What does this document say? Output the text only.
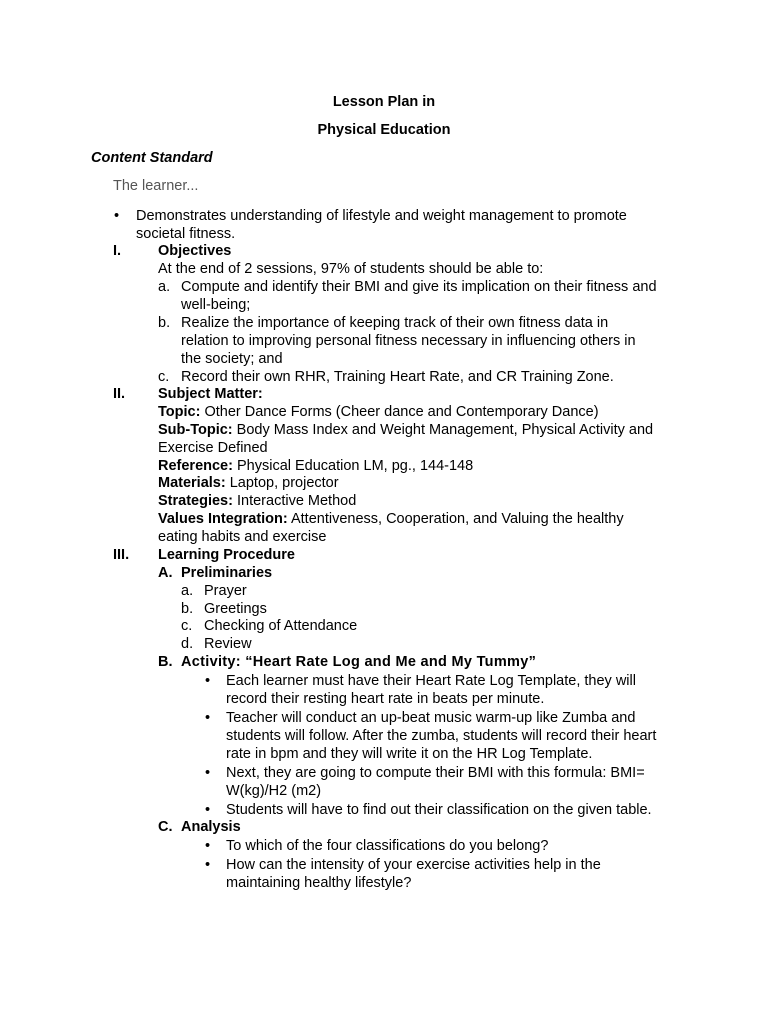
Lesson Plan in
Physical Education
Content Standard
The learner...
• Demonstrates understanding of lifestyle and weight management to promote
societal fitness.
I.	Objectives
At the end of 2 sessions, 97% of students should be able to:
a. Compute and identify their BMI and give its implication on their fitness and
well-being;
b. Realize the importance of keeping track of their own fitness data in
relation to improving personal fitness necessary in influencing others in
the society; and
c. Record their own RHR, Training Heart Rate, and CR Training Zone.
II. Subject Matter:
Topic: Other Dance Forms (Cheer dance and Contemporary Dance)
Sub-Topic: Body Mass Index and Weight Management, Physical Activity and
Exercise Defined
Reference: Physical Education LM, pg., 144-148
Materials: Laptop, projector
Strategies: Interactive Method
Values Integration: Attentiveness, Cooperation, and Valuing the healthy
eating habits and exercise
III. Learning Procedure
A. Preliminaries
a. Prayer
b. Greetings
c. Checking of Attendance
d. Review
B. Activity: “Heart Rate Log and Me and My Tummy”
• Each learner must have their Heart Rate Log Template, they will
record their resting heart rate in beats per minute.
• Teacher will conduct an up-beat music warm-up like Zumba and
students will follow. After the zumba, students will record their heart
rate in bpm and they will write it on the HR Log Template.
• Next, they are going to compute their BMI with this formula: BMI=
W(kg)/H2 (m2)
• Students will have to find out their classification on the given table.
C. Analysis
• To which of the four classifications do you belong?
• How can the intensity of your exercise activities help in the
maintaining healthy lifestyle?
